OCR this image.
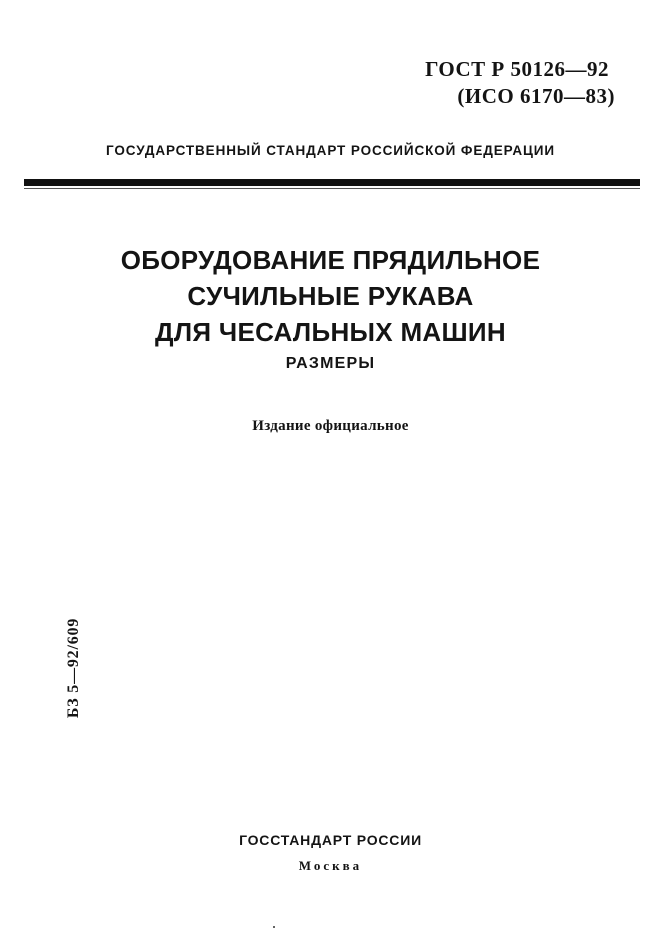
ГОСТ Р 50126—92
(ИСО 6170—83)
ГОСУДАРСТВЕННЫЙ СТАНДАРТ РОССИЙСКОЙ ФЕДЕРАЦИИ
ОБОРУДОВАНИЕ ПРЯДИЛЬНОЕ
СУЧИЛЬНЫЕ РУКАВА
ДЛЯ ЧЕСАЛЬНЫХ МАШИН
РАЗМЕРЫ
Издание официальное
БЗ 5—92/609
ГОССТАНДАРТ РОССИИ
Москва
